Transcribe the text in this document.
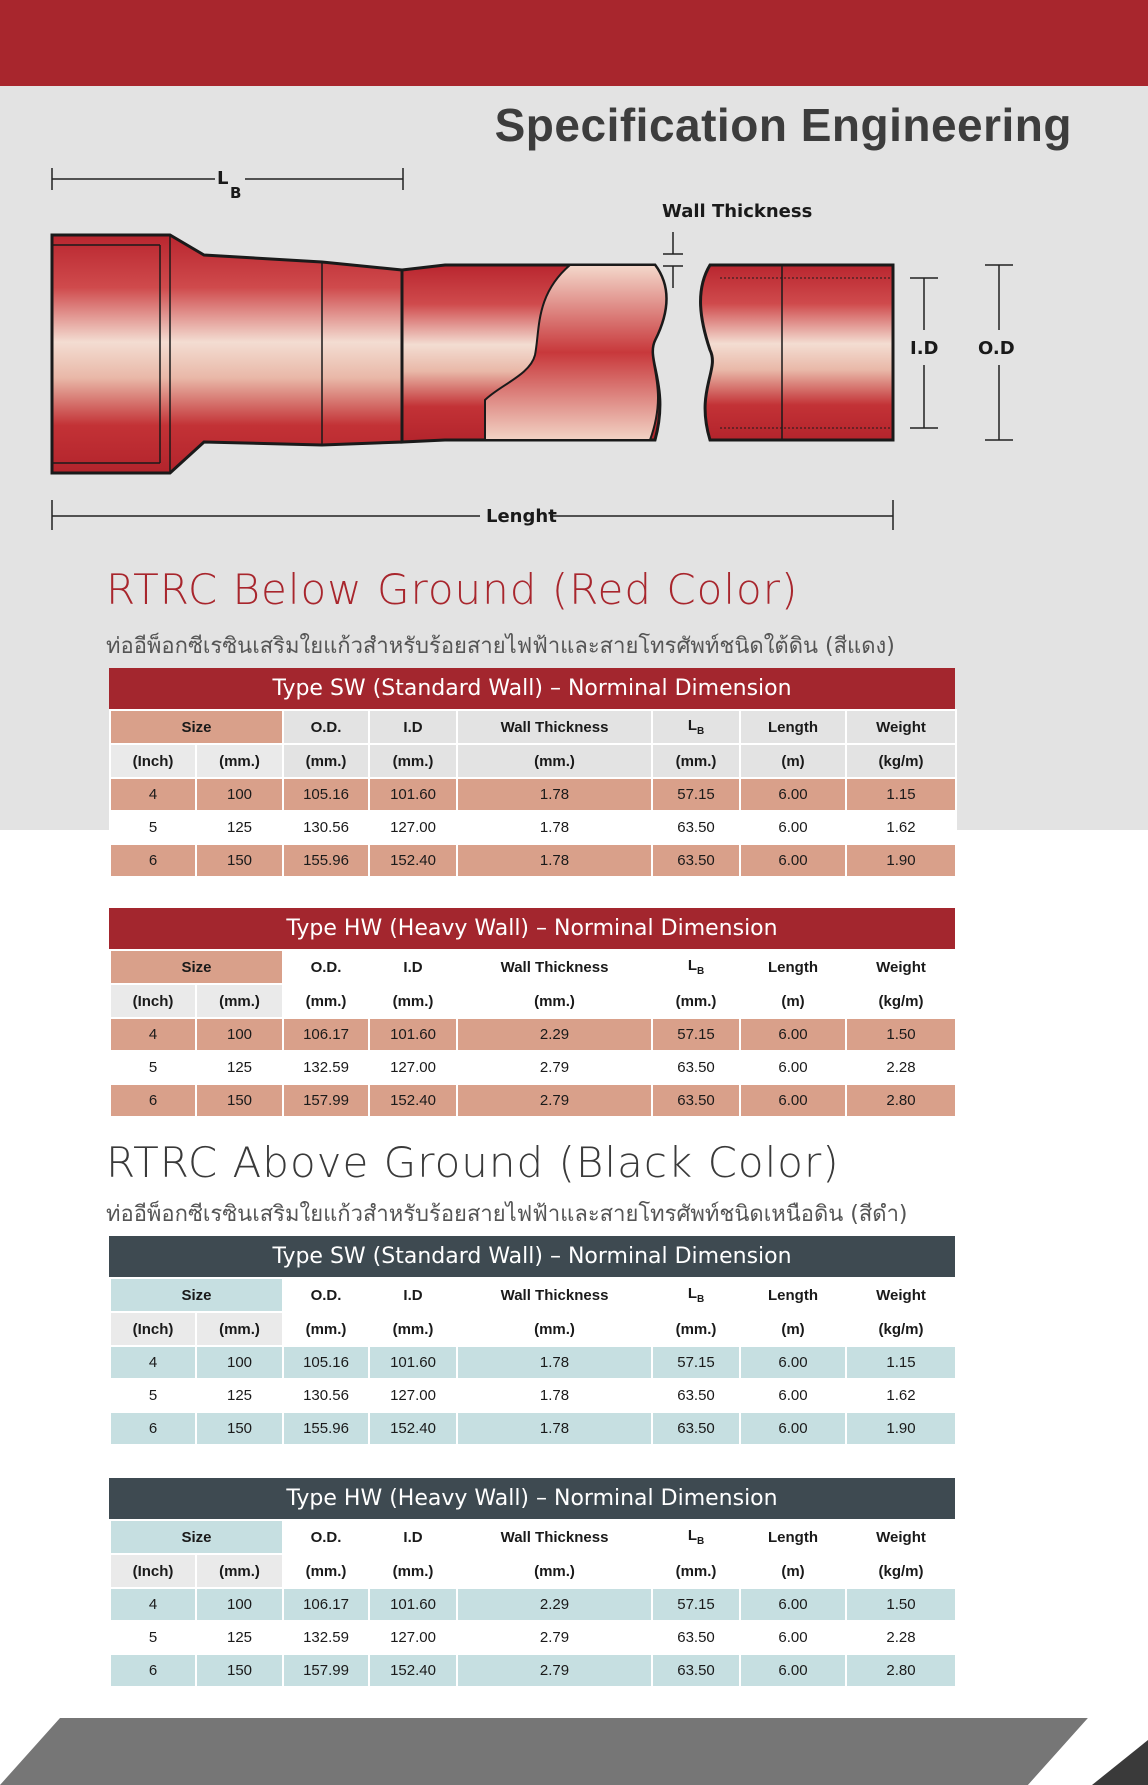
Specification Engineering
L
B
Wall Thickness
I.D O.D
Lenght
RTRC Below Ground (Red Color)
ท่ออีพ็อกซีเรซินเสริมใยแก้วสำหรับร้อยสายไฟฟ้าและสายโทรศัพท์ชนิดใต้ดิน (สีแดง)
Type SW (Standard Wall) – Norminal Dimension
Size		O.D.	I.D	Wall Thickness	$L_B$	Length	Weight
(Inch)	(mm.)	(mm.)	(mm.)	(mm.)	(mm.)	(m)	(kg/m)
4	100	105.16	101.60	1.78	57.15	6.00	1.15
5	125	130.56	127.00	1.78	63.50	6.00	1.62
6	150	155.96	152.40	1.78	63.50	6.00	1.90
Type HW (Heavy Wall) – Norminal Dimension
Size		O.D.	I.D	Wall Thickness	$L_B$	Length	Weight
(Inch)	(mm.)	(mm.)	(mm.)	(mm.)	(mm.)	(m)	(kg/m)
4	100	106.17	101.60	2.29	57.15	6.00	1.50
5	125	132.59	127.00	2.79	63.50	6.00	2.28
6	150	157.99	152.40	2.79	63.50	6.00	2.80
RTRC Above Ground (Black Color)
ท่ออีพ็อกซีเรซินเสริมใยแก้วสำหรับร้อยสายไฟฟ้าและสายโทรศัพท์ชนิดเหนือดิน (สีดำ)
Type SW (Standard Wall) – Norminal Dimension
Size		O.D.	I.D	Wall Thickness	$L_B$	Length	Weight
(Inch)	(mm.)	(mm.)	(mm.)	(mm.)	(mm.)	(m)	(kg/m)
4	100	105.16	101.60	1.78	57.15	6.00	1.15
5	125	130.56	127.00	1.78	63.50	6.00	1.62
6	150	155.96	152.40	1.78	63.50	6.00	1.90
Type HW (Heavy Wall) – Norminal Dimension
Size		O.D.	I.D	Wall Thickness	$L_B$	Length	Weight
(Inch)	(mm.)	(mm.)	(mm.)	(mm.)	(mm.)	(m)	(kg/m)
4	100	106.17	101.60	2.29	57.15	6.00	1.50
5	125	132.59	127.00	2.79	63.50	6.00	2.28
6	150	157.99	152.40	2.79	63.50	6.00	2.80
